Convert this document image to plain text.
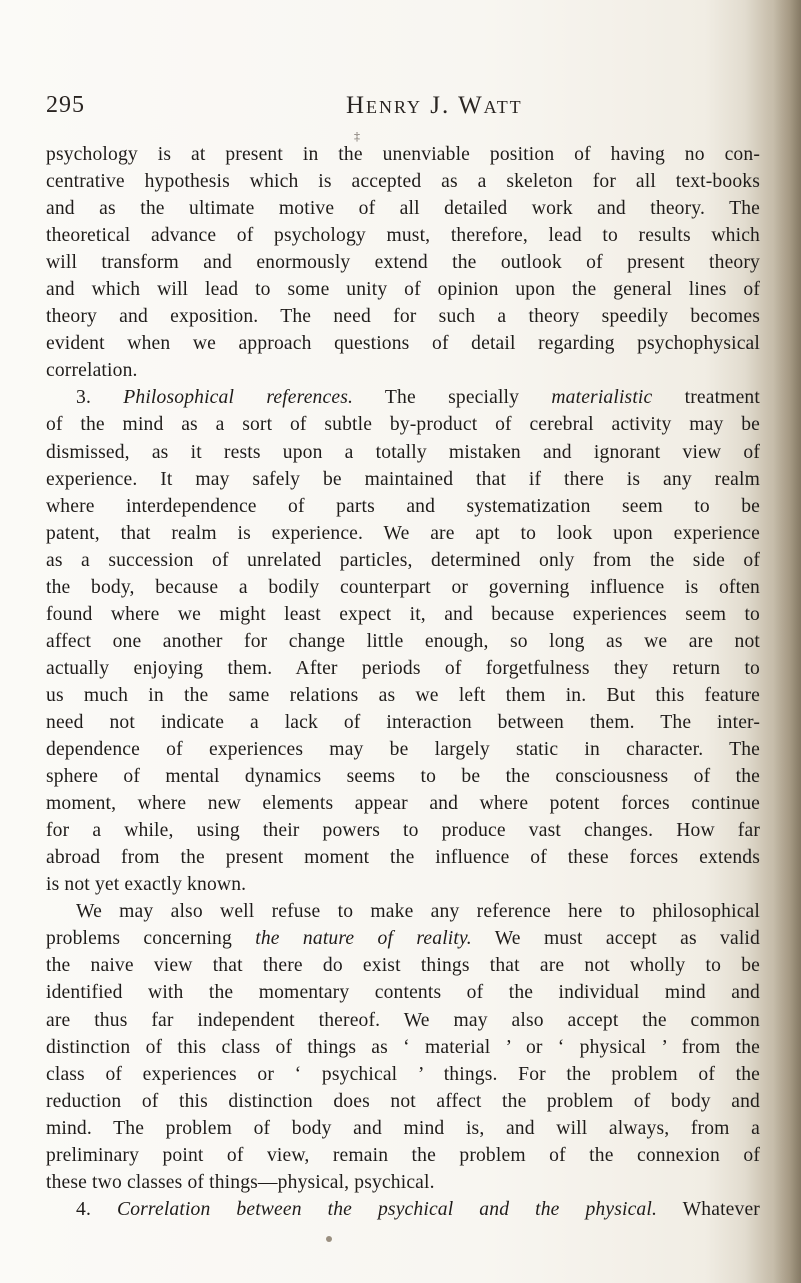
295	Henry J. Watt
‡
psychology is at present in the unenviable position of having no con-
centrative hypothesis which is accepted as a skeleton for all text-books
and as the ultimate motive of all detailed work and theory. The
theoretical advance of psychology must, therefore, lead to results which
will transform and enormously extend the outlook of present theory
and which will lead to some unity of opinion upon the general lines of
theory and exposition. The need for such a theory speedily becomes
evident when we approach questions of detail regarding psychophysical
correlation.
3. Philosophical references. The specially materialistic treatment
of the mind as a sort of subtle by-product of cerebral activity may be
dismissed, as it rests upon a totally mistaken and ignorant view of
experience. It may safely be maintained that if there is any realm
where interdependence of parts and systematization seem to be
patent, that realm is experience. We are apt to look upon experience
as a succession of unrelated particles, determined only from the side of
the body, because a bodily counterpart or governing influence is often
found where we might least expect it, and because experiences seem to
affect one another for change little enough, so long as we are not
actually enjoying them. After periods of forgetfulness they return to
us much in the same relations as we left them in. But this feature
need not indicate a lack of interaction between them. The inter-
dependence of experiences may be largely static in character. The
sphere of mental dynamics seems to be the consciousness of the
moment, where new elements appear and where potent forces continue
for a while, using their powers to produce vast changes. How far
abroad from the present moment the influence of these forces extends
is not yet exactly known.
We may also well refuse to make any reference here to philosophical
problems concerning the nature of reality. We must accept as valid
the naive view that there do exist things that are not wholly to be
identified with the momentary contents of the individual mind and
are thus far independent thereof. We may also accept the common
distinction of this class of things as ‘ material ’ or ‘ physical ’ from the
class of experiences or ‘ psychical ’ things. For the problem of the
reduction of this distinction does not affect the problem of body and
mind. The problem of body and mind is, and will always, from a
preliminary point of view, remain the problem of the connexion of
these two classes of things—physical, psychical.
4. Correlation between the psychical and the physical. Whatever
